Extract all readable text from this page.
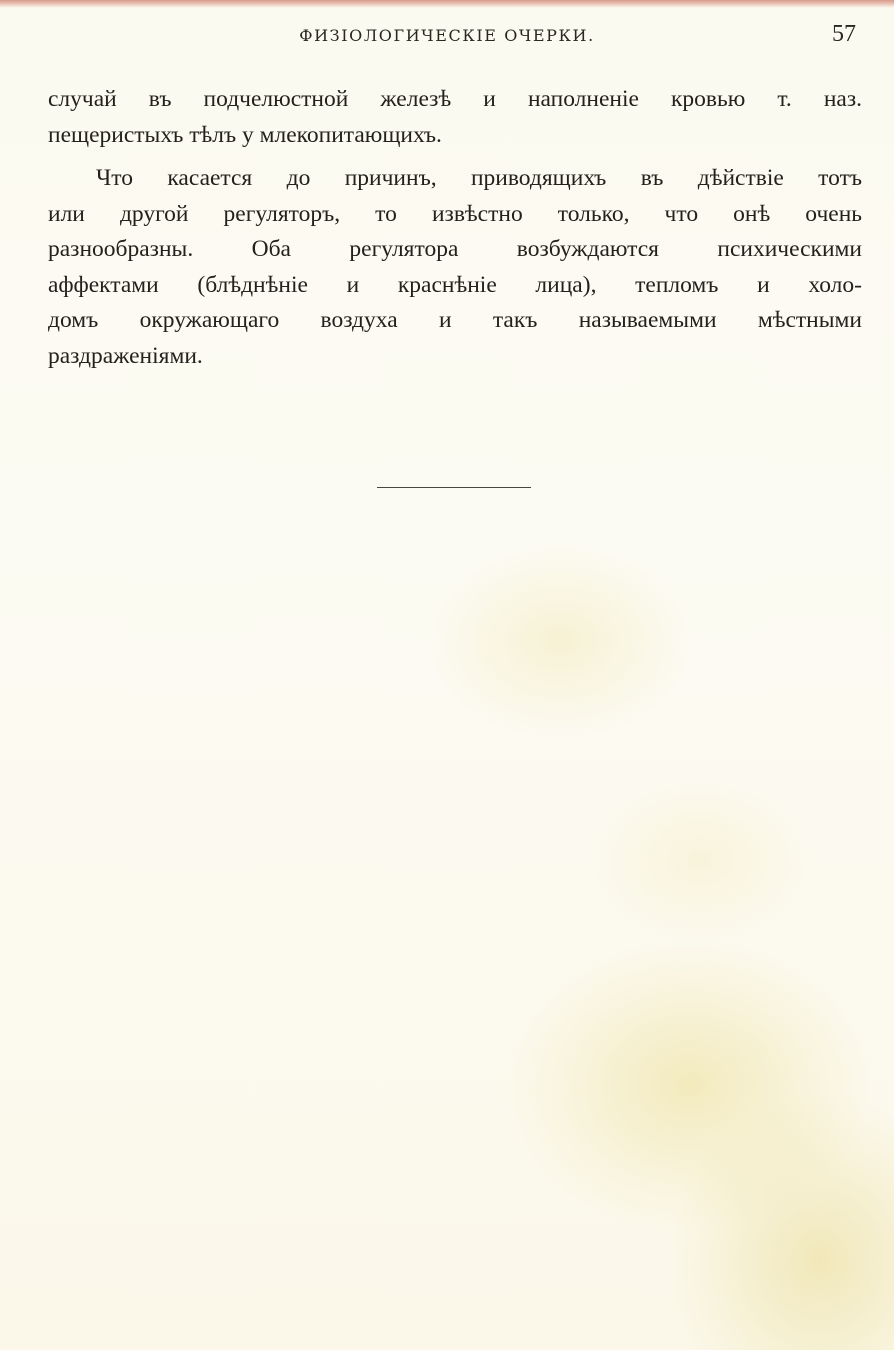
ФИЗІОЛОГИЧЕСКІЕ ОЧЕРКИ.	57
случай въ подчелюстной железѣ и наполненіе кровью т. наз.
пещеристыхъ тѣлъ у млекопитающихъ.
Что касается до причинъ, приводящихъ въ дѣйствіе тотъ
или другой регуляторъ, то извѣстно только, что онѣ очень
разнообразны. Оба регулятора возбуждаются психическими
аффектами (блѣднѣніе и краснѣніе лица), тепломъ и холо-
домъ окружающаго воздуха и такъ называемыми мѣстными
раздраженіями.
